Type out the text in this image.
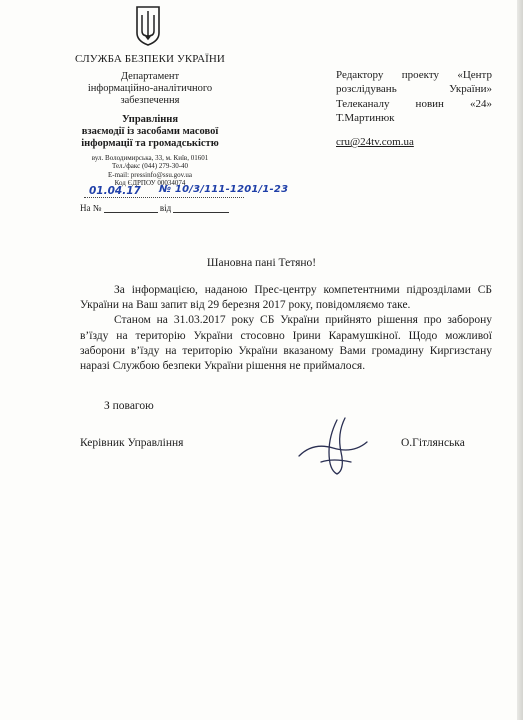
СЛУЖБА БЕЗПЕКИ УКРАЇНИ
Департамент
інформаційно-аналітичного
забезпечення
Управління
взаємодії із засобами масової
інформації та громадськістю
вул. Володимирська, 33, м. Київ, 01601
Тел./факс (044) 279-30-40
E-mail: pressinfo@ssu.gov.ua
Код ЄДРПОУ 00034074
01.04.17 № 10/3/111-1201/1-23
На №	від
Редактору проекту «Центр
розслідувань України»
Телеканалу новин «24»
Т.Мартинюк
cru@24tv.com.ua
Шановна пані Тетяно!

За інформацією, наданою Прес-центру компетентними підрозділами СБ України на Ваш запит від 29 березня 2017 року, повідомляємо таке.

Станом на 31.03.2017 року СБ України прийнято рішення про заборону в’їзду на територію України стосовно Ірини Карамушкіної. Щодо можливої заборони в’їзду на територію України вказаному Вами громадину Киргизстану наразі Службою безпеки України рішення не приймалося.

З повагою
Керівник Управління	О.Гітлянська
